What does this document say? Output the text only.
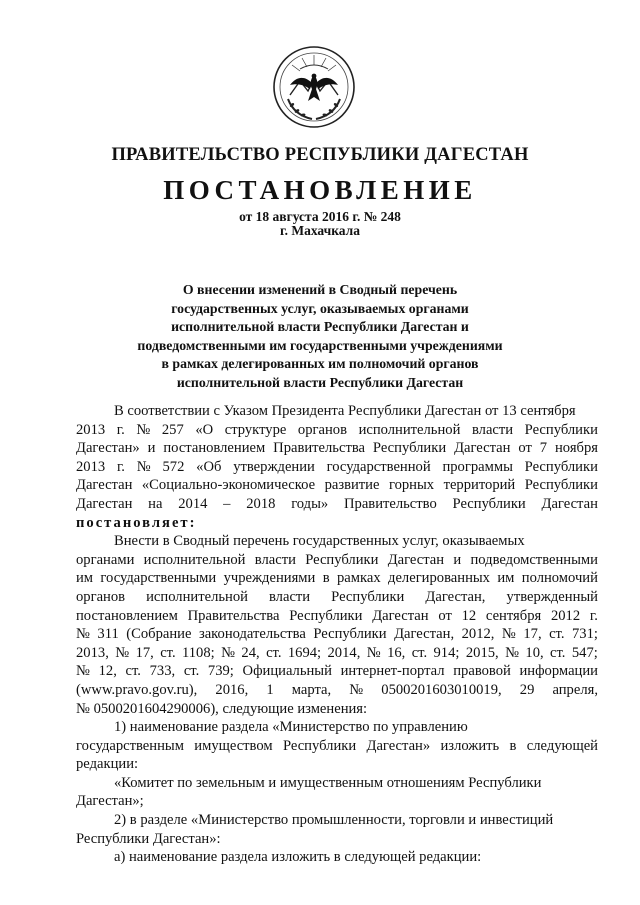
ПРАВИТЕЛЬСТВО РЕСПУБЛИКИ ДАГЕСТАН
ПОСТАНОВЛЕНИЕ
от 18 августа 2016 г. № 248
г. Махачкала
О внесении изменений в Сводный перечень
государственных услуг, оказываемых органами
исполнительной власти Республики Дагестан и
подведомственными им государственными учреждениями
в рамках делегированных им полномочий органов
исполнительной власти Республики Дагестан
В соответствии с Указом Президента Республики Дагестан от 13 сентября
2013 г. № 257 «О структуре органов исполнительной власти Республики
Дагестан» и постановлением Правительства Республики Дагестан от 7 ноября
2013 г. № 572 «Об утверждении государственной программы Республики
Дагестан «Социально-экономическое развитие горных территорий Республики
Дагестан на 2014 – 2018 годы» Правительство Республики Дагестан
постановляет:
Внести в Сводный перечень государственных услуг, оказываемых
органами исполнительной власти Республики Дагестан и подведомственными
им государственными учреждениями в рамках делегированных им полномочий
органов исполнительной власти Республики Дагестан, утвержденный
постановлением Правительства Республики Дагестан от 12 сентября 2012 г.
№ 311 (Собрание законодательства Республики Дагестан, 2012, № 17, ст. 731;
2013, № 17, ст. 1108; № 24, ст. 1694; 2014, № 16, ст. 914; 2015, № 10, ст. 547;
№ 12, ст. 733, ст. 739; Официальный интернет-портал правовой информации
(www.pravo.gov.ru), 2016, 1 марта, № 0500201603010019, 29 апреля,
№ 0500201604290006), следующие изменения:
1) наименование раздела «Министерство по управлению
государственным имуществом Республики Дагестан» изложить в следующей
редакции:
«Комитет по земельным и имущественным отношениям Республики
Дагестан»;
2) в разделе «Министерство промышленности, торговли и инвестиций
Республики Дагестан»:
а) наименование раздела изложить в следующей редакции:
